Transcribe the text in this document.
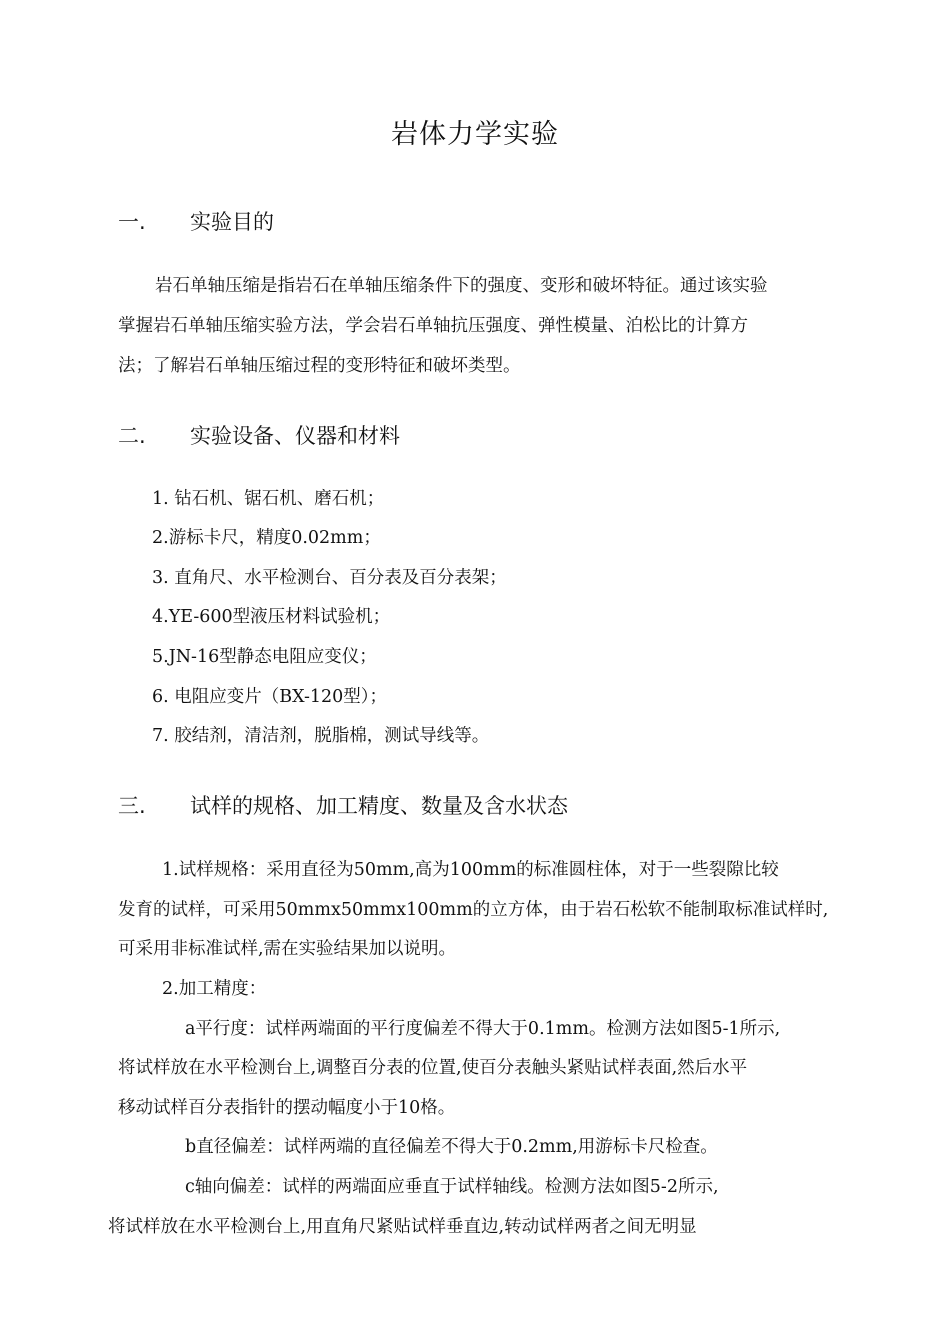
岩体力学实验
一. 实验目的
岩石单轴压缩是指岩石在单轴压缩条件下的强度、变形和破坏特征。通过该实验
掌握岩石单轴压缩实验方法，学会岩石单轴抗压强度、弹性模量、泊松比的计算方
法；了解岩石单轴压缩过程的变形特征和破坏类型。
二. 实验设备、仪器和材料
1. 钻石机、锯石机、磨石机；
2.游标卡尺，精度0.02mm；
3. 直角尺、水平检测台、百分表及百分表架；
4.YE-600型液压材料试验机；
5.JN-16型静态电阻应变仪；
6. 电阻应变片（BX-120型）；
7. 胶结剂，清洁剂，脱脂棉，测试导线等。
三. 试样的规格、加工精度、数量及含水状态
1.试样规格：采用直径为50mm,高为100mm的标准圆柱体，对于一些裂隙比较
发育的试样，可采用50mmx50mmx100mm的立方体，由于岩石松软不能制取标准试样时,
可采用非标准试样,需在实验结果加以说明。
2.加工精度：
a平行度：试样两端面的平行度偏差不得大于0.1mm。检测方法如图5-1所示,
将试样放在水平检测台上,调整百分表的位置,使百分表触头紧贴试样表面,然后水平
移动试样百分表指针的摆动幅度小于10格。
b直径偏差：试样两端的直径偏差不得大于0.2mm,用游标卡尺检查。
c轴向偏差：试样的两端面应垂直于试样轴线。检测方法如图5-2所示,
将试样放在水平检测台上,用直角尺紧贴试样垂直边,转动试样两者之间无明显
